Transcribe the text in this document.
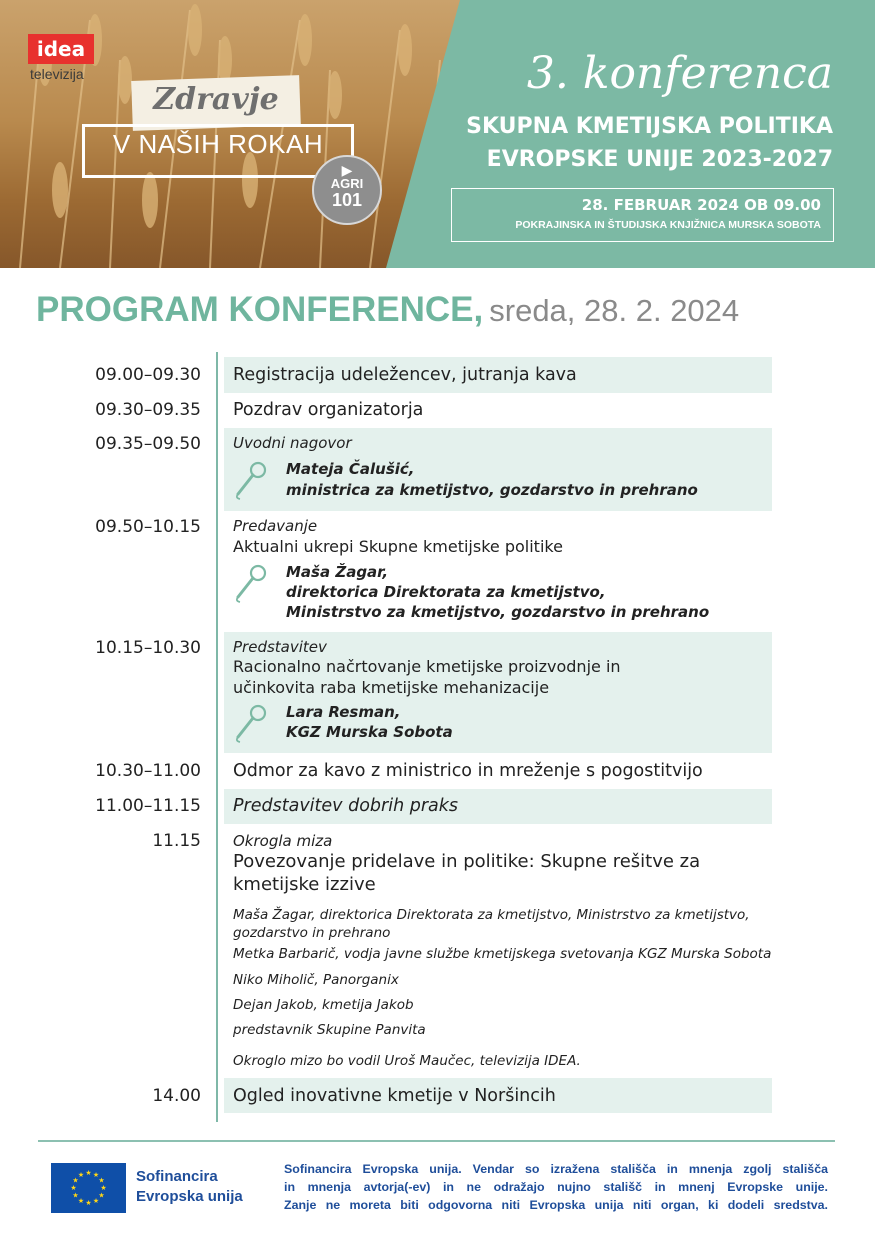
idea
televizija
Zdravje
V NAŠIH ROKAH
▶
AGRI
101
3. konferenca
SKUPNA KMETIJSKA POLITIKA
EVROPSKE UNIJE 2023-2027
28. FEBRUAR 2024 OB 09.00
POKRAJINSKA IN ŠTUDIJSKA KNJIŽNICA MURSKA SOBOTA
PROGRAM KONFERENCE, sreda, 28. 2. 2024
09.00–09.30 Registracija udeležencev, jutranja kava
09.30–09.35 Pozdrav organizatorja
09.35–09.50 Uvodni nagovor
Mateja Čalušić,
ministrica za kmetijstvo, gozdarstvo in prehrano
09.50–10.15 Predavanje
Aktualni ukrepi Skupne kmetijske politike
Maša Žagar,
direktorica Direktorata za kmetijstvo,
Ministrstvo za kmetijstvo, gozdarstvo in prehrano
10.15–10.30 Predstavitev
Racionalno načrtovanje kmetijske proizvodnje in
učinkovita raba kmetijske mehanizacije
Lara Resman,
KGZ Murska Sobota
10.30–11.00 Odmor za kavo z ministrico in mreženje s pogostitvijo
11.00–11.15 Predstavitev dobrih praks
11.15 Okrogla miza
Povezovanje pridelave in politike: Skupne rešitve za
kmetijske izzive
Maša Žagar, direktorica Direktorata za kmetijstvo, Ministrstvo za kmetijstvo,
gozdarstvo in prehrano
Metka Barbarič, vodja javne službe kmetijskega svetovanja KGZ Murska Sobota
Niko Miholič, Panorganix
Dejan Jakob, kmetija Jakob
predstavnik Skupine Panvita
Okroglo mizo bo vodil Uroš Maučec, televizija IDEA.
14.00 Ogled inovativne kmetije v Noršincih
★ ★
★
★
★
★
★
★
★
★
★
★	Sofinancira
Evropska unija
Sofinancira Evropska unija. Vendar so izražena stališča in mnenja zgolj stališča
in mnenja avtorja(-ev) in ne odražajo nujno stališč in mnenj Evropske unije.
Zanje ne moreta biti odgovorna niti Evropska unija niti organ, ki dodeli sredstva.
